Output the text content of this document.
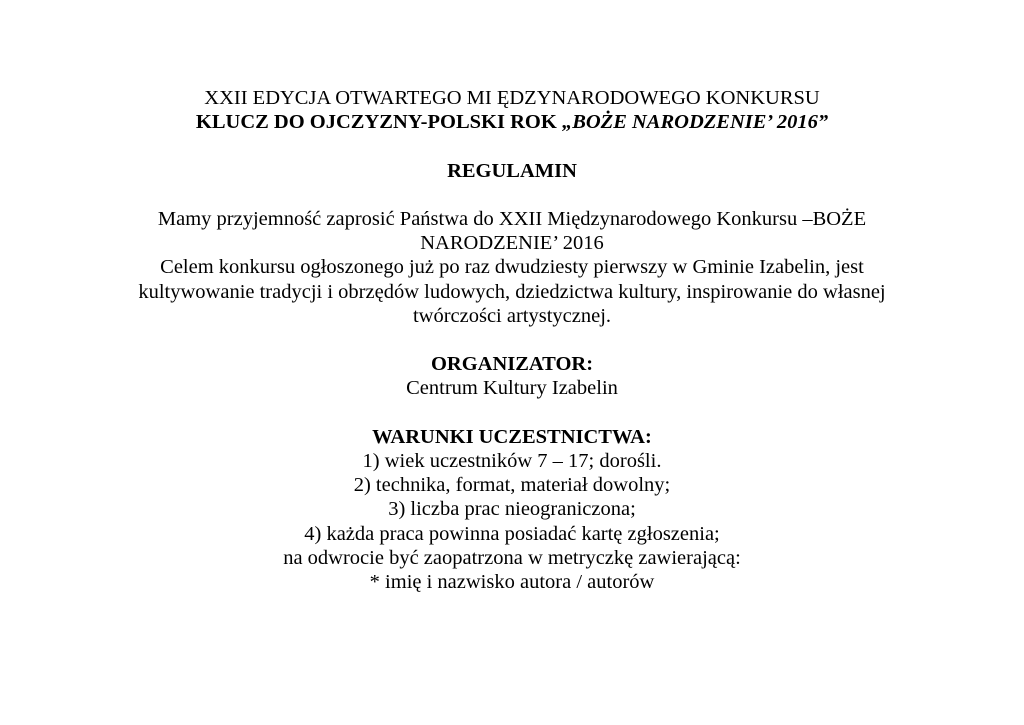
XXII EDYCJA OTWARTEGO MI ĘDZYNARODOWEGO KONKURSU
KLUCZ DO OJCZYZNY-POLSKI ROK „BOŻE NARODZENIE’ 2016”
REGULAMIN
Mamy przyjemność zaprosić Państwa do XXII Międzynarodowego Konkursu –BOŻE
NARODZENIE’ 2016
Celem konkursu ogłoszonego już po raz dwudziesty pierwszy w Gminie Izabelin, jest
kultywowanie tradycji i obrzędów ludowych, dziedzictwa kultury, inspirowanie do własnej
twórczości artystycznej.
ORGANIZATOR:
Centrum Kultury Izabelin
WARUNKI UCZESTNICTWA:
1) wiek uczestników 7 – 17; dorośli.
2) technika, format, materiał dowolny;
3) liczba prac nieograniczona;
4) każda praca powinna posiadać kartę zgłoszenia;
na odwrocie być zaopatrzona w metryczkę zawierającą:
* imię i nazwisko autora / autorów
